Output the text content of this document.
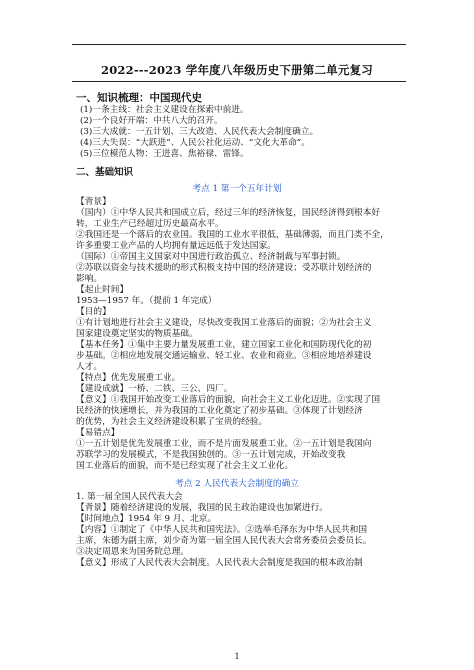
2022---2023 学年度八年级历史下册第二单元复习
一、知识梳理：中国现代史
(1)一条主线：社会主义建设在探索中前进。
(2)一个良好开端：中共八大的召开。
(3)三大成就：一五计划、三大改造、人民代表大会制度确立。
(4)三大失误：“大跃进”、人民公社化运动、“文化大革命”。
(5)三位模范人物：王进喜、焦裕禄、雷锋。
二、基础知识
考点 1 第一个五年计划
【背景】
（国内）①中华人民共和国成立后，经过三年的经济恢复，国民经济得到根本好
转，工业生产已经超过历史最高水平。
②我国还是一个落后的农业国。我国的工业水平很低，基础薄弱，而且门类不全，
许多重要工业产品的人均拥有量远远低于发达国家。
（国际）①帝国主义国家对中国进行政治孤立、经济制裁与军事封锁。
②苏联以资金与技术援助的形式积极支持中国的经济建设；受苏联计划经济的
影响。
【起止时间】
1953—1957 年。（提前 1 年完成）
【目的】
①有计划地进行社会主义建设，尽快改变我国工业落后的面貌；②为社会主义
国家建设奠定坚实的物质基础。
【基本任务】①集中主要力量发展重工业，建立国家工业化和国防现代化的初
步基础。②相应地发展交通运输业、轻工业、农业和商业。③相应地培养建设
人才。
【特点】优先发展重工业。
【建设成就】一桥、二铁、三公、四厂。
【意义】①我国开始改变工业落后的面貌，向社会主义工业化迈进。②实现了国
民经济的快速增长，并为我国的工业化奠定了初步基础。③体现了计划经济
的优势，为社会主义经济建设积累了宝贵的经验。
【易错点】
①一五计划是优先发展重工业，而不是片面发展重工业。②一五计划是我国向
苏联学习的发展模式，不是我国独创的。③一五计划完成，开始改变我
国工业落后的面貌，而不是已经实现了社会主义工业化。
考点 2 人民代表大会制度的确立
1. 第一届全国人民代表大会
【背景】随着经济建设的发展，我国的民主政治建设也加紧进行。
【时间地点】1954 年 9 月、北京。
【内容】①制定了《中华人民共和国宪法》。②选举毛泽东为中华人民共和国
主席，朱德为副主席，刘少奇为第一届全国人民代表大会常务委员会委员长。
③决定周恩来为国务院总理。
【意义】形成了人民代表大会制度。人民代表大会制度是我国的根本政治制
1
